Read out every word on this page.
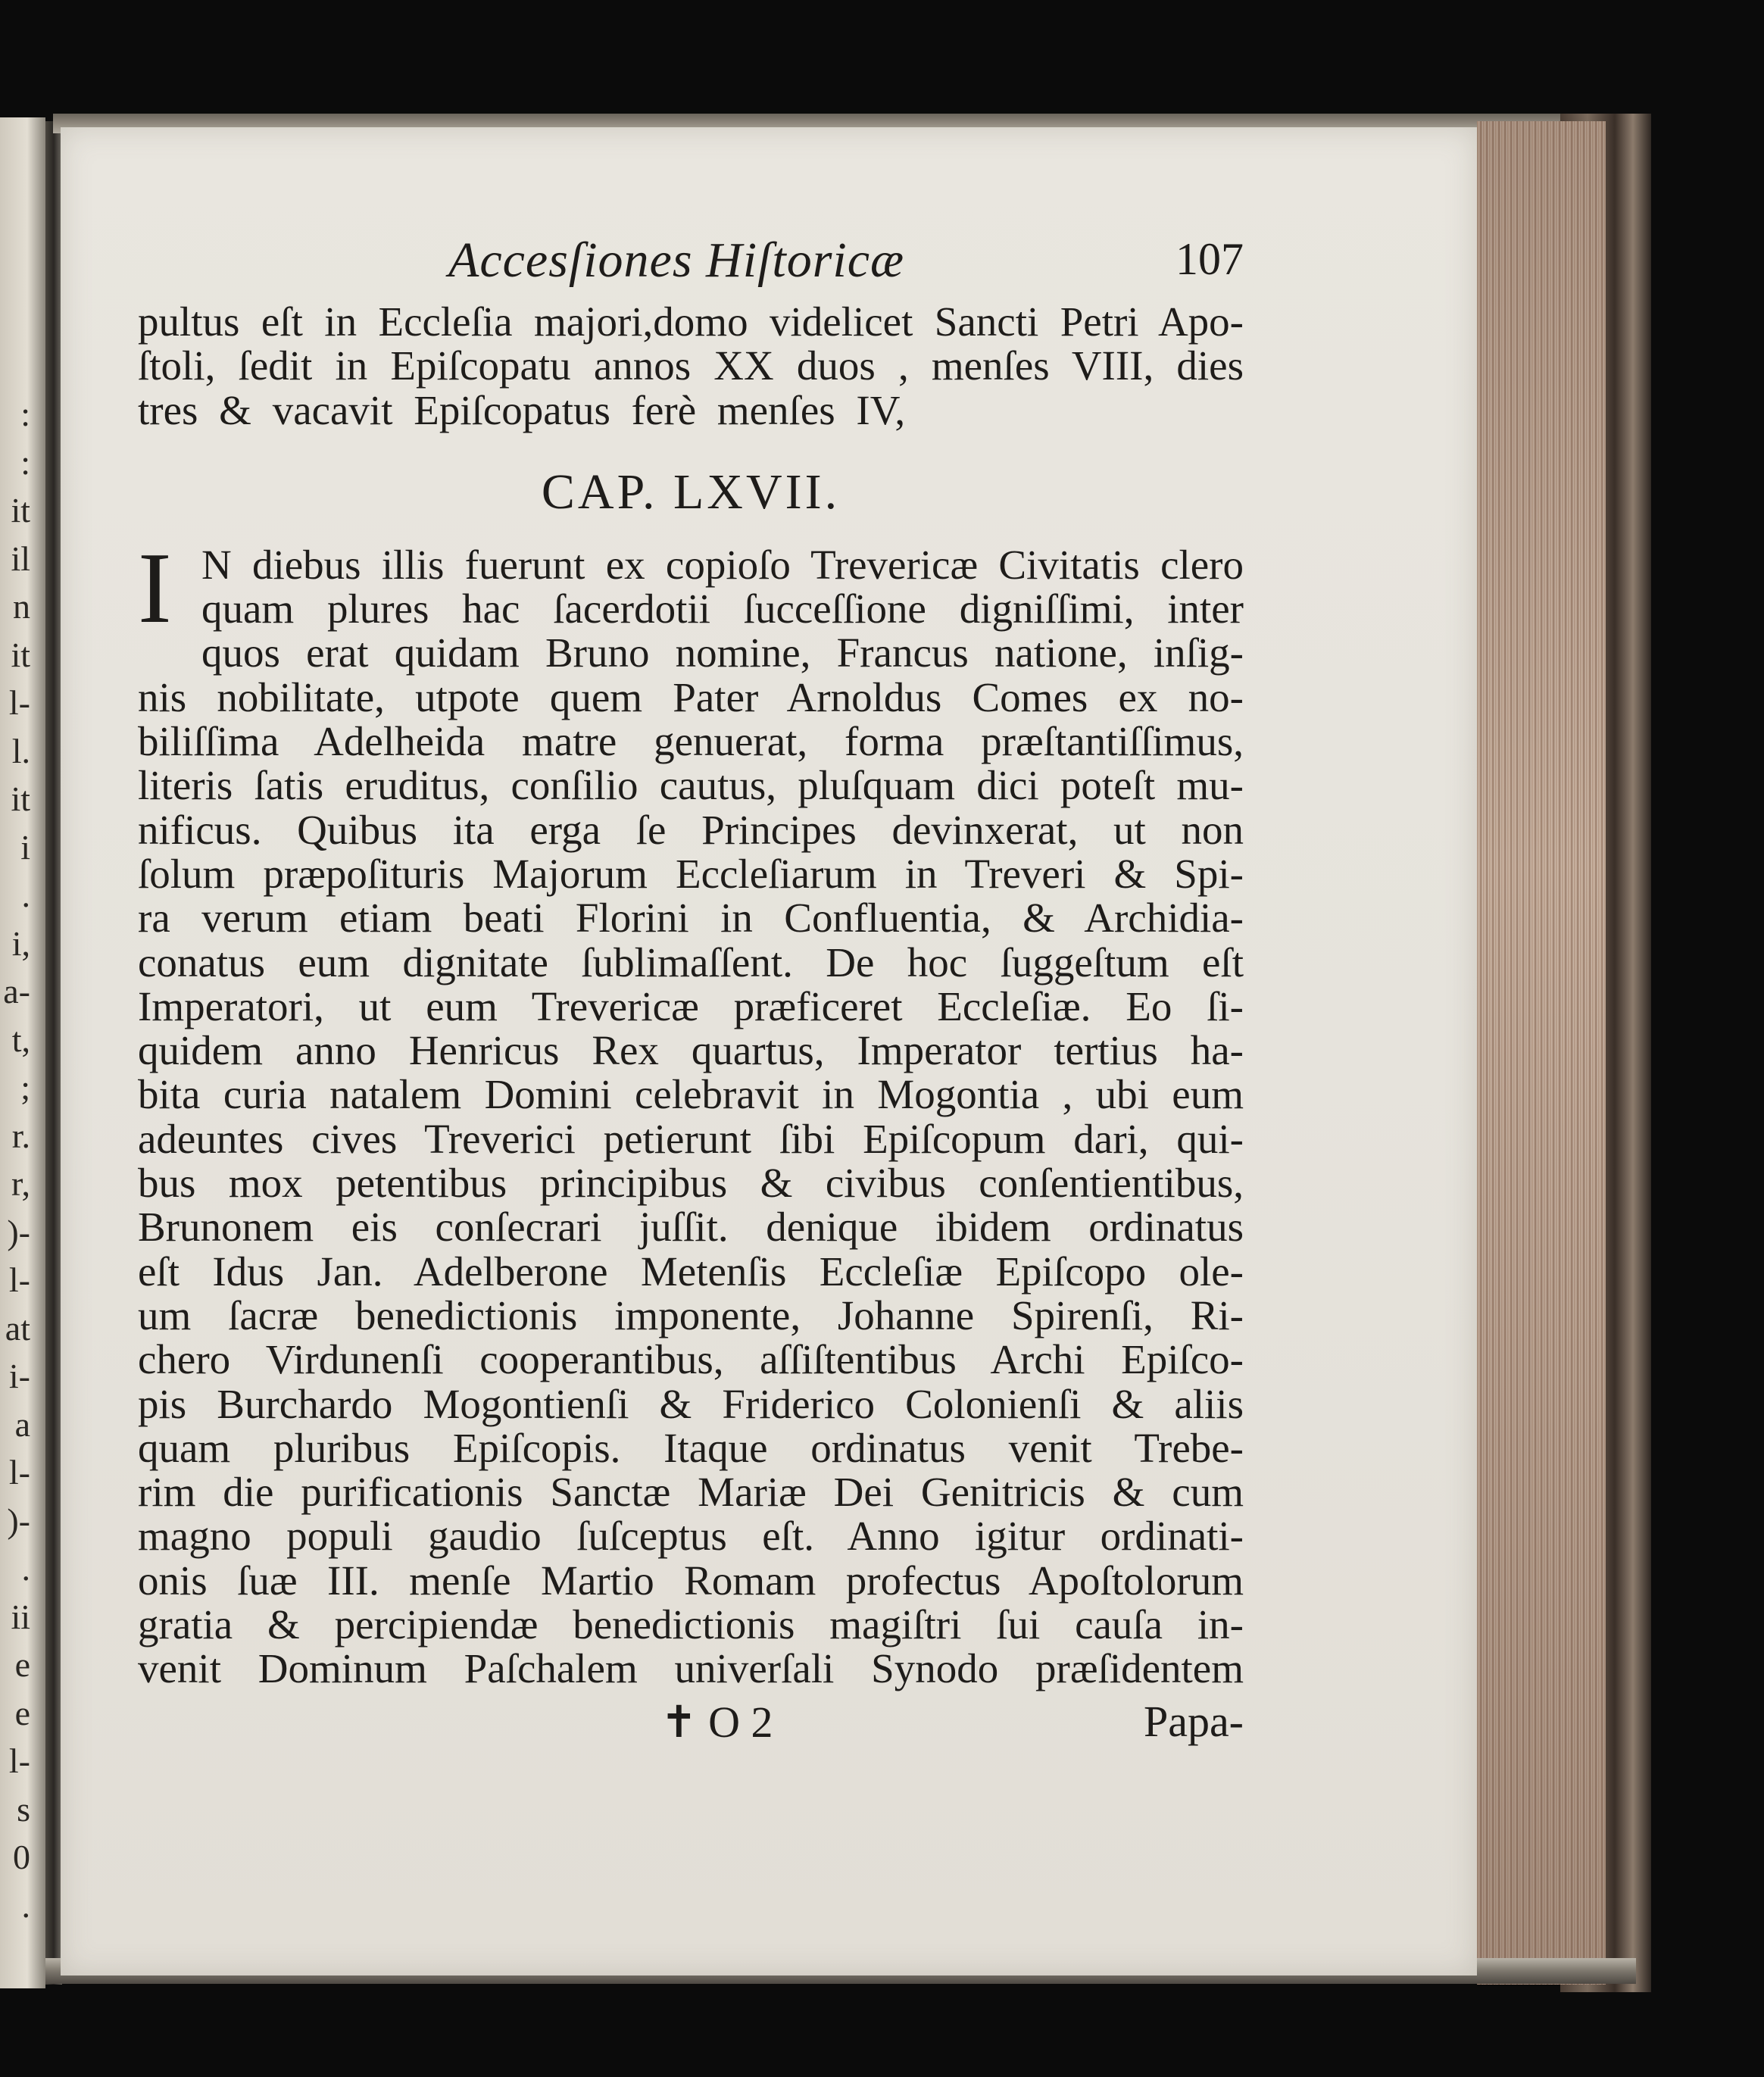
:
:
it
il
n
it
l-
l.
it
i
.
i,
a-
t,
;
r.
r,
)-
l-
at
i-
a
l-
)-
.
ii
e
e
l-
s
0
.
Accesſiones Hiſtoricæ	107
pultus eſt in Eccleſia majori,domo videlicet Sancti Petri Apo-
ſtoli, ſedit in Epiſcopatu annos XX duos , menſes VIII, dies
tres & vacavit Epiſcopatus ferè menſes IV,
CAP. LXVII.
I N diebus illis fuerunt ex copioſo Trevericæ Civitatis clero
quam plures hac ſacerdotii ſucceſſione digniſſimi, inter
quos erat quidam Bruno nomine, Francus natione, inſig-
nis nobilitate, utpote quem Pater Arnoldus Comes ex no-
biliſſima Adelheida matre genuerat, forma præſtantiſſimus,
literis ſatis eruditus, conſilio cautus, pluſquam dici poteſt mu-
nificus. Quibus ita erga ſe Principes devinxerat, ut non
ſolum præpoſituris Majorum Eccleſiarum in Treveri & Spi-
ra verum etiam beati Florini in Confluentia, & Archidia-
conatus eum dignitate ſublimaſſent. De hoc ſuggeſtum eſt
Imperatori, ut eum Trevericæ præficeret Eccleſiæ. Eo ſi-
quidem anno Henricus Rex quartus, Imperator tertius ha-
bita curia natalem Domini celebravit in Mogontia , ubi eum
adeuntes cives Treverici petierunt ſibi Epiſcopum dari, qui-
bus mox petentibus principibus & civibus conſentientibus,
Brunonem eis conſecrari juſſit. denique ibidem ordinatus
eſt Idus Jan. Adelberone Metenſis Eccleſiæ Epiſcopo ole-
um ſacræ benedictionis imponente, Johanne Spirenſi, Ri-
chero Virdunenſi cooperantibus, aſſiſtentibus Archi Epiſco-
pis Burchardo Mogontienſi & Friderico Colonienſi & aliis
quam pluribus Epiſcopis. Itaque ordinatus venit Trebe-
rim die purificationis Sanctæ Mariæ Dei Genitricis & cum
magno populi gaudio ſuſceptus eſt. Anno igitur ordinati-
onis ſuæ III. menſe Martio Romam profectus Apoſtolorum
gratia & percipiendæ benedictionis magiſtri ſui cauſa in-
venit Dominum Paſchalem univerſali Synodo præſidentem
✝ O 2	Papa-
